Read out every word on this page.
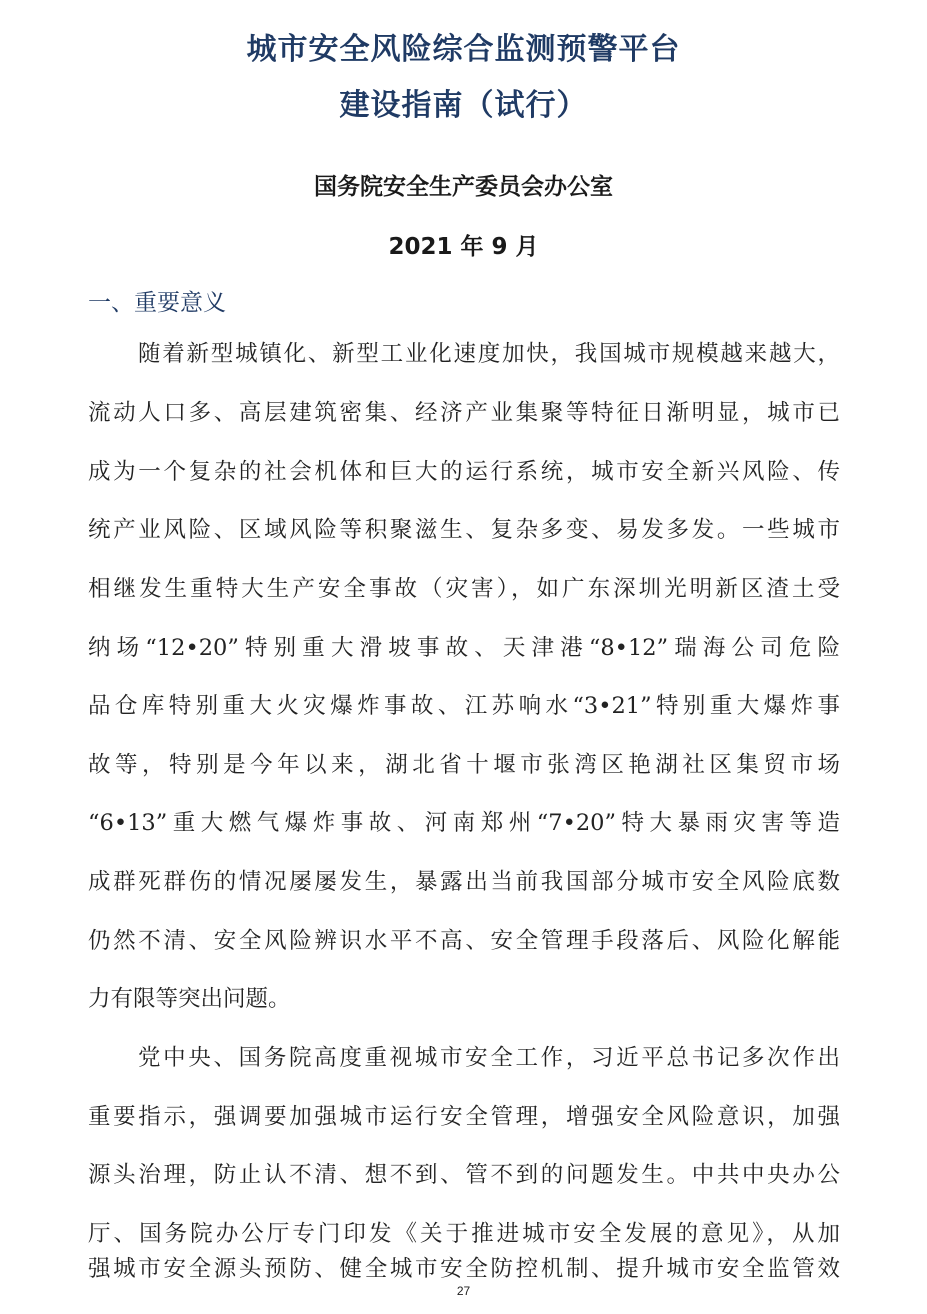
城市安全风险综合监测预警平台
建设指南（试行）
国务院安全生产委员会办公室
2021 年 9 月
一、重要意义
随着新型城镇化、新型工业化速度加快，我国城市规模越来越大，
流动人口多、高层建筑密集、经济产业集聚等特征日渐明显，城市已
成为一个复杂的社会机体和巨大的运行系统，城市安全新兴风险、传
统产业风险、区域风险等积聚滋生、复杂多变、易发多发。一些城市
相继发生重特大生产安全事故（灾害），如广东深圳光明新区渣土受
纳场“12•20”特别重大滑坡事故、天津港“8•12”瑞海公司危险
品仓库特别重大火灾爆炸事故、江苏响水“3•21”特别重大爆炸事
故等，特别是今年以来，湖北省十堰市张湾区艳湖社区集贸市场
“6•13”重大燃气爆炸事故、河南郑州“7•20”特大暴雨灾害等造
成群死群伤的情况屡屡发生，暴露出当前我国部分城市安全风险底数
仍然不清、安全风险辨识水平不高、安全管理手段落后、风险化解能
力有限等突出问题。
党中央、国务院高度重视城市安全工作，习近平总书记多次作出
重要指示，强调要加强城市运行安全管理，增强安全风险意识，加强
源头治理，防止认不清、想不到、管不到的问题发生。中共中央办公
厅、国务院办公厅专门印发《关于推进城市安全发展的意见》，从加
强城市安全源头预防、健全城市安全防控机制、提升城市安全监管效
27
